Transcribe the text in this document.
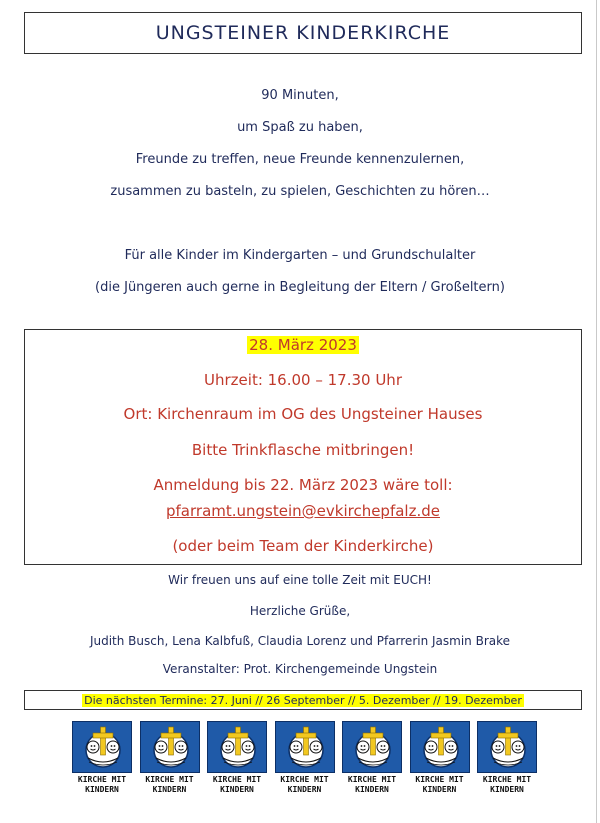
UNGSTEINER KINDERKIRCHE
90 Minuten,
um Spaß zu haben,
Freunde zu treffen, neue Freunde kennenzulernen,
zusammen zu basteln, zu spielen, Geschichten zu hören…
Für alle Kinder im Kindergarten – und Grundschulalter
(die Jüngeren auch gerne in Begleitung der Eltern / Großeltern)
28. März 2023
Uhrzeit: 16.00 – 17.30 Uhr
Ort: Kirchenraum im OG des Ungsteiner Hauses
Bitte Trinkflasche mitbringen!
Anmeldung bis 22. März 2023 wäre toll:
pfarramt.ungstein@evkirchepfalz.de
(oder beim Team der Kinderkirche)
Wir freuen uns auf eine tolle Zeit mit EUCH!
Herzliche Grüße,
Judith Busch, Lena Kalbfuß, Claudia Lorenz und Pfarrerin Jasmin Brake
Veranstalter: Prot. Kirchengemeinde Ungstein
Die nächsten Termine: 27. Juni // 26 September // 5. Dezember // 19. Dezember
KIRCHE MIT
KINDERN
KIRCHE MIT
KINDERN
KIRCHE MIT
KINDERN
KIRCHE MIT
KINDERN
KIRCHE MIT
KINDERN
KIRCHE MIT
KINDERN
KIRCHE MIT
KINDERN
